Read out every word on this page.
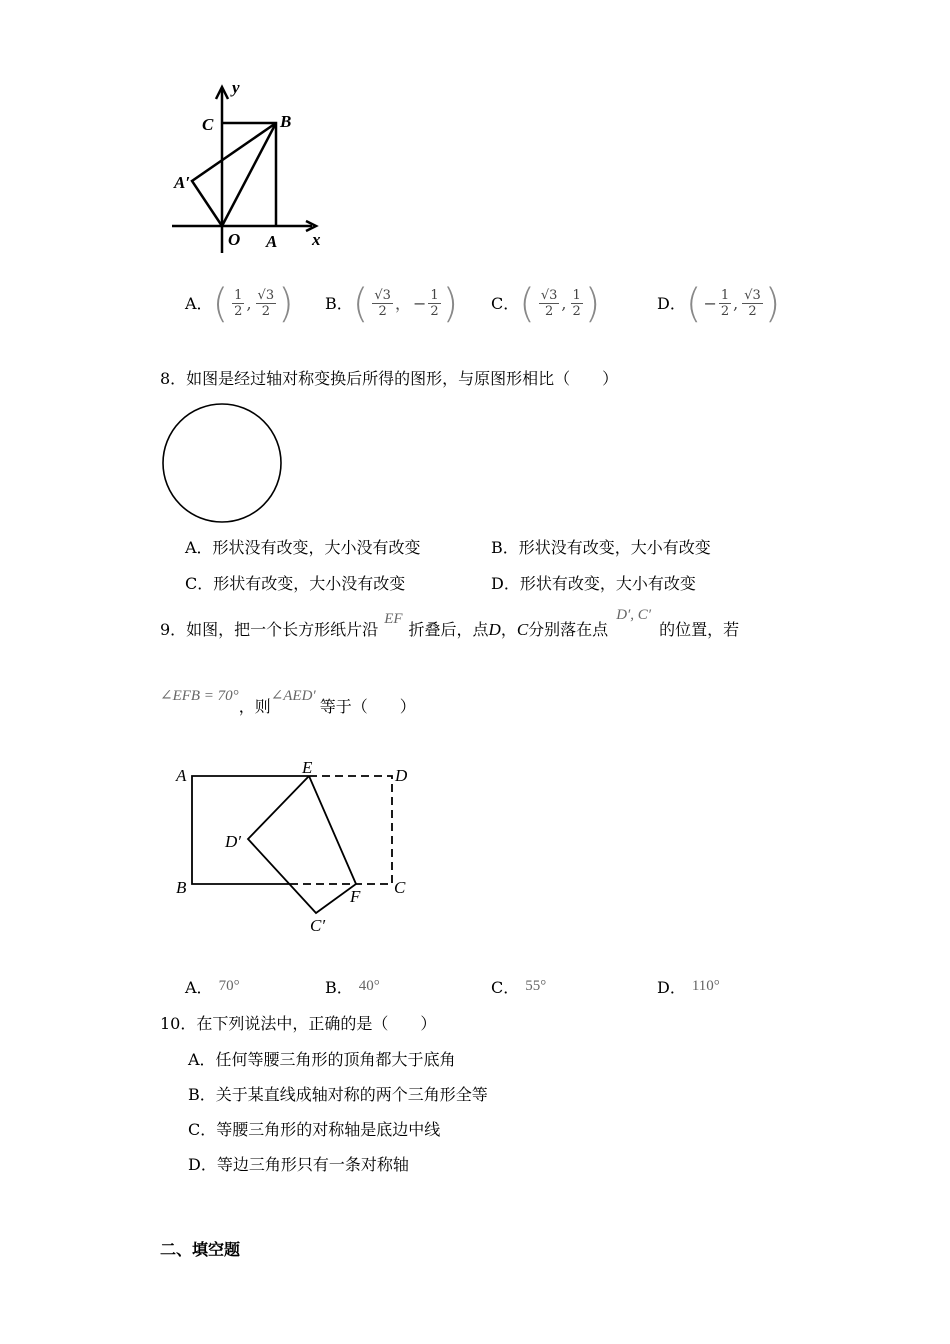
y
C	B
A′
O A x
A． ( $\frac{1}{2}$ , $\frac{√3}{2}$ ) B． ( $\frac{√3}{2}$ ， − $\frac{1}{2}$ ) C． ( $\frac{√3}{2}$ , $\frac{1}{2}$ )	D． ( − $\frac{1}{2}$ , $\frac{√3}{2}$ )
8．如图是经过轴对称变换后所得的图形，与原图形相比（　　）
A．形状没有改变，大小没有改变	B．形状没有改变，大小有改变
C．形状有改变，大小没有改变	D．形状有改变，大小有改变
9．如图，把一个长方形纸片沿EF折叠后，点D，C分别落在点D′, C′的位置，若
∠EFB = 70°，则∠AED′等于（　　）
A	E	D
D′
B	F C
C′
A． 70°	B． 40°	C． 55°	D． 110°
10．在下列说法中，正确的是（　　）
A．任何等腰三角形的顶角都大于底角
B．关于某直线成轴对称的两个三角形全等
C．等腰三角形的对称轴是底边中线
D．等边三角形只有一条对称轴
二、填空题
